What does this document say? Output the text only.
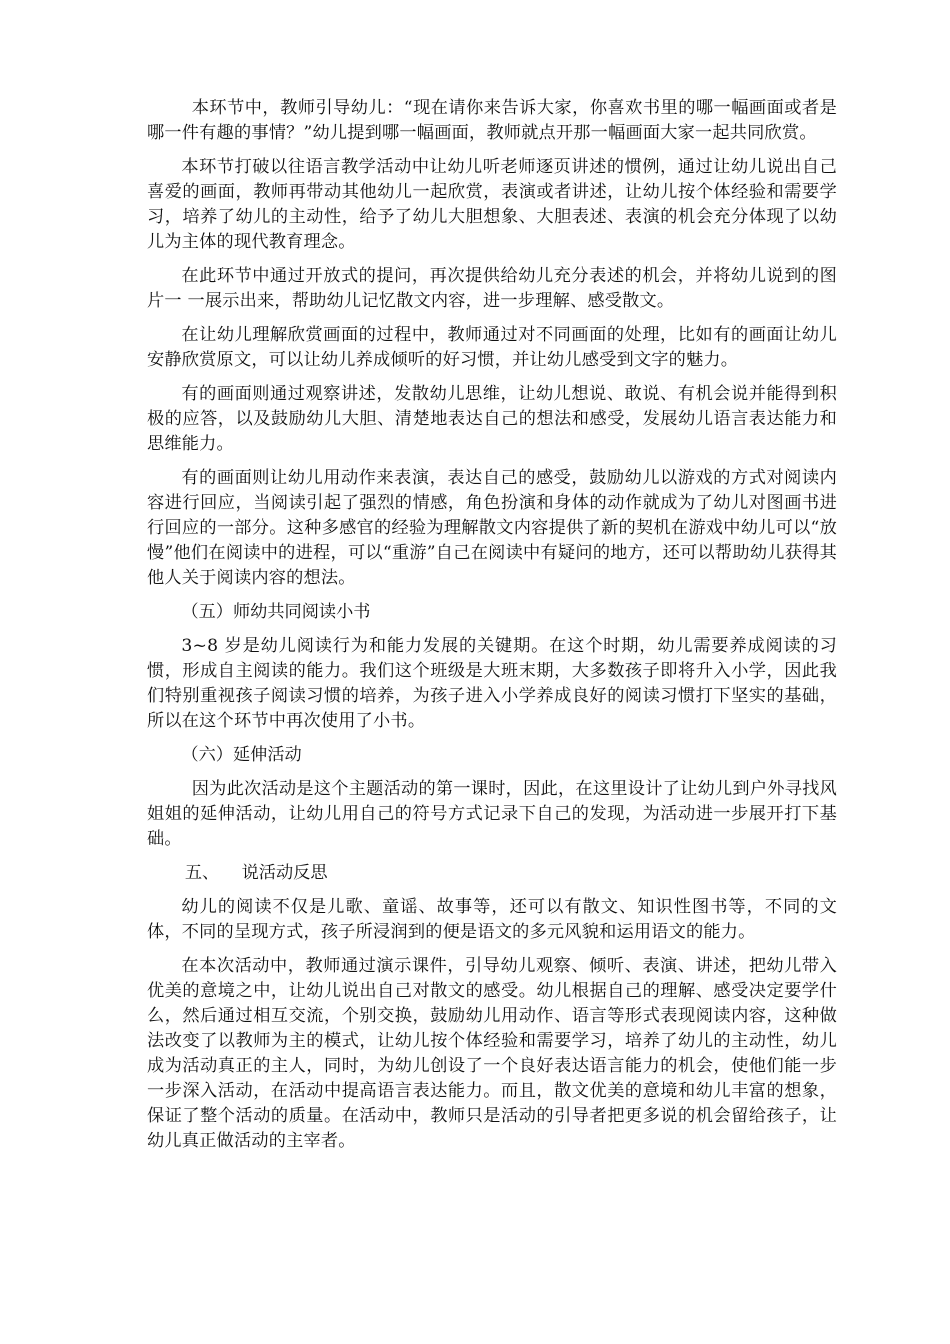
本环节中，教师引导幼儿：“现在请你来告诉大家，你喜欢书里的哪一幅画面或者是哪一件有趣的事情？”幼儿提到哪一幅画面，教师就点开那一幅画面大家一起共同欣赏。

本环节打破以往语言教学活动中让幼儿听老师逐页讲述的惯例，通过让幼儿说出自己喜爱的画面，教师再带动其他幼儿一起欣赏，表演或者讲述，让幼儿按个体经验和需要学习，培养了幼儿的主动性，给予了幼儿大胆想象、大胆表述、表演的机会充分体现了以幼儿为主体的现代教育理念。

在此环节中通过开放式的提问，再次提供给幼儿充分表述的机会，并将幼儿说到的图片一 一展示出来，帮助幼儿记忆散文内容，进一步理解、感受散文。

在让幼儿理解欣赏画面的过程中，教师通过对不同画面的处理，比如有的画面让幼儿安静欣赏原文，可以让幼儿养成倾听的好习惯，并让幼儿感受到文字的魅力。

有的画面则通过观察讲述，发散幼儿思维，让幼儿想说、敢说、有机会说并能得到积极的应答，以及鼓励幼儿大胆、清楚地表达自己的想法和感受，发展幼儿语言表达能力和思维能力。

有的画面则让幼儿用动作来表演，表达自己的感受，鼓励幼儿以游戏的方式对阅读内容进行回应，当阅读引起了强烈的情感，角色扮演和身体的动作就成为了幼儿对图画书进行回应的一部分。这种多感官的经验为理解散文内容提供了新的契机在游戏中幼儿可以“放慢”他们在阅读中的进程，可以“重游”自己在阅读中有疑问的地方，还可以帮助幼儿获得其他人关于阅读内容的想法。

（五）师幼共同阅读小书

3~8 岁是幼儿阅读行为和能力发展的关键期。在这个时期，幼儿需要养成阅读的习惯，形成自主阅读的能力。我们这个班级是大班末期，大多数孩子即将升入小学，因此我们特别重视孩子阅读习惯的培养，为孩子进入小学养成良好的阅读习惯打下坚实的基础，所以在这个环节中再次使用了小书。

（六）延伸活动

因为此次活动是这个主题活动的第一课时，因此，在这里设计了让幼儿到户外寻找风姐姐的延伸活动，让幼儿用自己的符号方式记录下自己的发现，为活动进一步展开打下基础。

五、 说活动反思

幼儿的阅读不仅是儿歌、童谣、故事等，还可以有散文、知识性图书等，不同的文体，不同的呈现方式，孩子所浸润到的便是语文的多元风貌和运用语文的能力。

在本次活动中，教师通过演示课件，引导幼儿观察、倾听、表演、讲述，把幼儿带入优美的意境之中，让幼儿说出自己对散文的感受。幼儿根据自己的理解、感受决定要学什么，然后通过相互交流，个别交换，鼓励幼儿用动作、语言等形式表现阅读内容，这种做法改变了以教师为主的模式，让幼儿按个体经验和需要学习，培养了幼儿的主动性，幼儿成为活动真正的主人，同时，为幼儿创设了一个良好表达语言能力的机会，使他们能一步一步深入活动，在活动中提高语言表达能力。而且，散文优美的意境和幼儿丰富的想象，保证了整个活动的质量。在活动中，教师只是活动的引导者把更多说的机会留给孩子，让幼儿真正做活动的主宰者。
